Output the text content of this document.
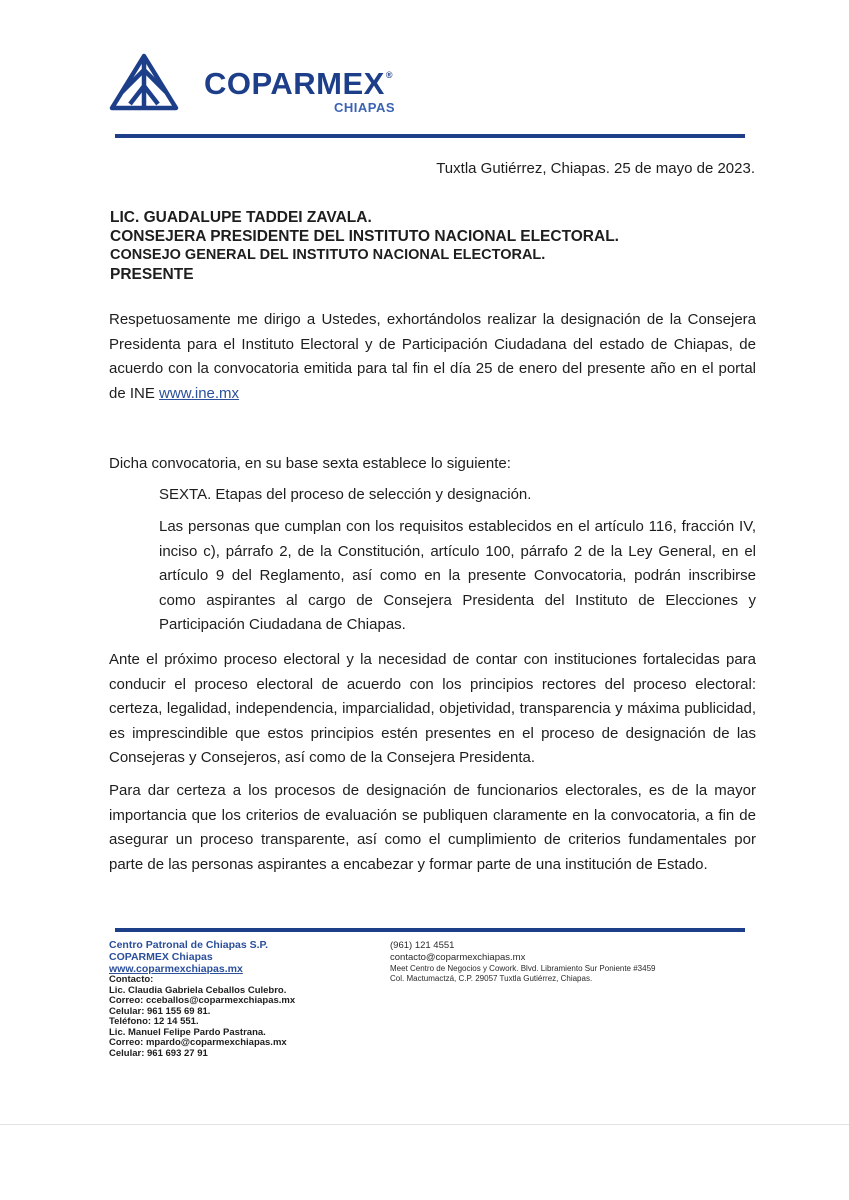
COPARMEX®
CHIAPAS
Tuxtla Gutiérrez, Chiapas. 25 de mayo de 2023.
LIC. GUADALUPE TADDEI ZAVALA.
CONSEJERA PRESIDENTE DEL INSTITUTO NACIONAL ELECTORAL.
CONSEJO GENERAL DEL INSTITUTO NACIONAL ELECTORAL.
PRESENTE
Respetuosamente me dirigo a Ustedes, exhortándolos realizar la designación de la Consejera Presidenta para el Instituto Electoral y de Participación Ciudadana del estado de Chiapas, de acuerdo con la convocatoria emitida para tal fin el día 25 de enero del presente año en el portal de INE www.ine.mx
Dicha convocatoria, en su base sexta establece lo siguiente:
SEXTA. Etapas del proceso de selección y designación.
Las personas que cumplan con los requisitos establecidos en el artículo 116, fracción IV, inciso c), párrafo 2, de la Constitución, artículo 100, párrafo 2 de la Ley General, en el artículo 9 del Reglamento, así como en la presente Convocatoria, podrán inscribirse como aspirantes al cargo de Consejera Presidenta del Instituto de Elecciones y Participación Ciudadana de Chiapas.
Ante el próximo proceso electoral y la necesidad de contar con instituciones fortalecidas para conducir el proceso electoral de acuerdo con los principios rectores del proceso electoral: certeza, legalidad, independencia, imparcialidad, objetividad, transparencia y máxima publicidad, es imprescindible que estos principios estén presentes en el proceso de designación de las Consejeras y Consejeros, así como de la Consejera Presidenta.
Para dar certeza a los procesos de designación de funcionarios electorales, es de la mayor importancia que los criterios de evaluación se publiquen claramente en la convocatoria, a fin de asegurar un proceso transparente, así como el cumplimiento de criterios fundamentales por parte de las personas aspirantes a encabezar y formar parte de una institución de Estado.
Centro Patronal de Chiapas S.P.
COPARMEX Chiapas
www.coparmexchiapas.mx
Contacto:
Lic. Claudia Gabriela Ceballos Culebro.
Correo: cceballos@coparmexchiapas.mx
Celular: 961 155 69 81.
Teléfono: 12 14 551.
Lic. Manuel Felipe Pardo Pastrana.
Correo: mpardo@coparmexchiapas.mx
Celular: 961 693 27 91
(961) 121 4551
contacto@coparmexchiapas.mx
Meet Centro de Negocios y Cowork. Blvd. Libramiento Sur Poniente #3459
Col. Mactumactzá, C.P. 29057 Tuxtla Gutiérrez, Chiapas.
